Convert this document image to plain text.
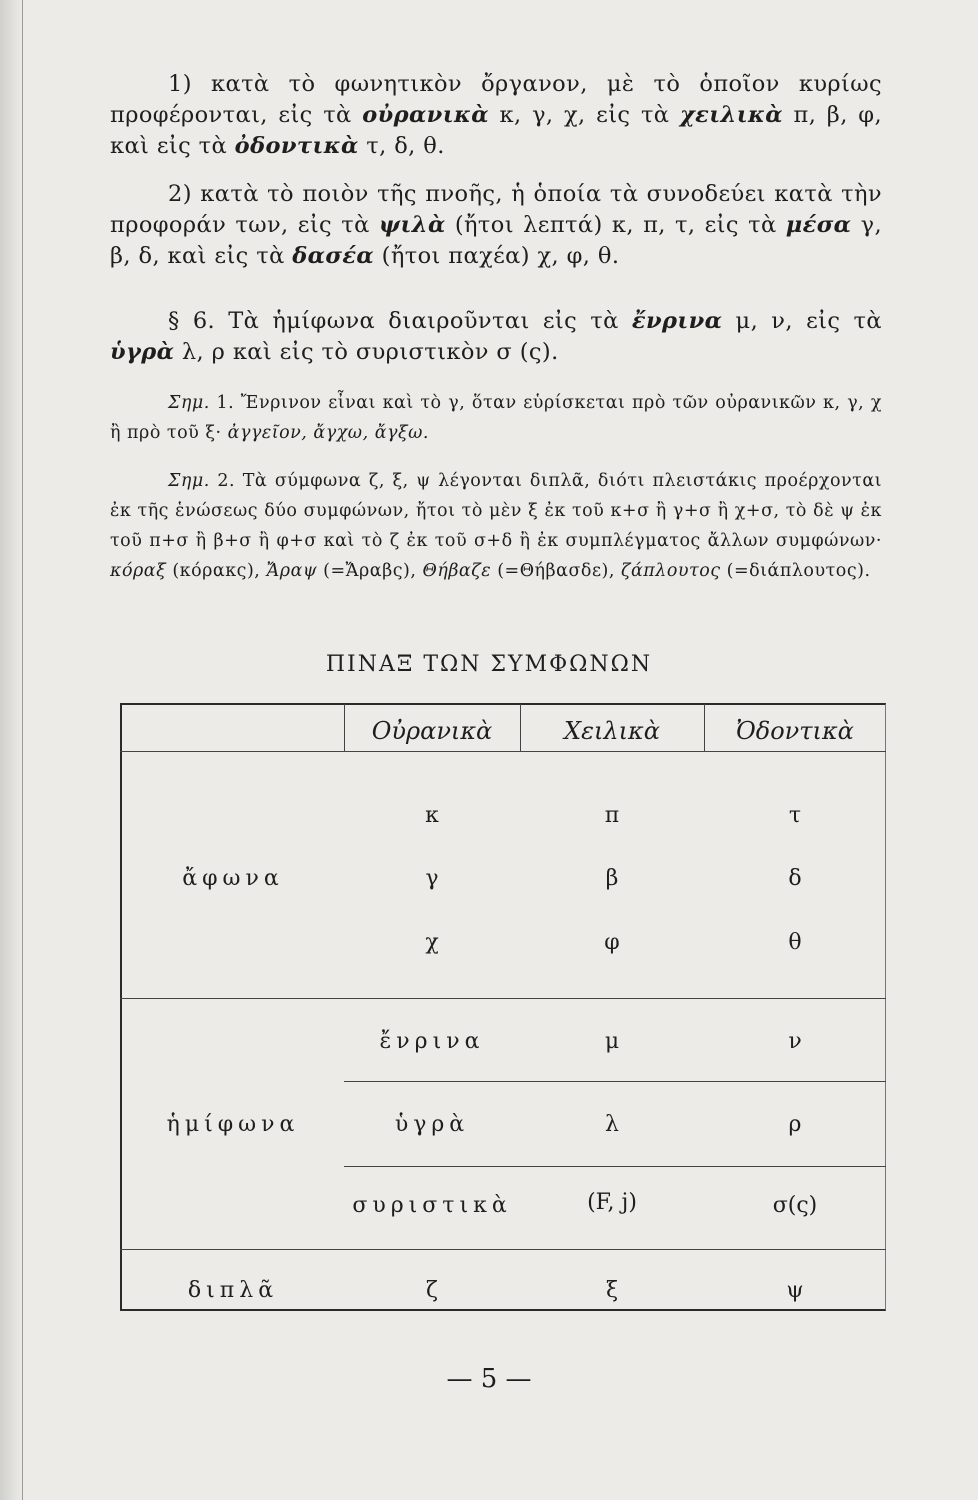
1) κατὰ τὸ φωνητικὸν ὄργανον, μὲ τὸ ὁποῖον κυρίως προφέρονται, εἰς τὰ οὐρανικὰ κ, γ, χ, εἰς τὰ χειλικὰ π, β, φ, καὶ εἰς τὰ ὀδοντικὰ τ, δ, θ.
2) κατὰ τὸ ποιὸν τῆς πνοῆς, ἡ ὁποία τὰ συνοδεύει κατὰ τὴν προφοράν των, εἰς τὰ ψιλὰ (ἤτοι λεπτά) κ, π, τ, εἰς τὰ μέσα γ, β, δ, καὶ εἰς τὰ δασέα (ἤτοι παχέα) χ, φ, θ.
§ 6. Τὰ ἡμίφωνα διαιροῦνται εἰς τὰ ἔνρινα μ, ν, εἰς τὰ ὑγρὰ λ, ρ καὶ εἰς τὸ συριστικὸν σ (ς).
Σημ. 1. Ἔνρινον εἶναι καὶ τὸ γ, ὅταν εὑρίσκεται πρὸ τῶν οὐρανικῶν κ, γ, χ ἢ πρὸ τοῦ ξ· ἀγγεῖον, ἄγχω, ἄγξω.
Σημ. 2. Τὰ σύμφωνα ζ, ξ, ψ λέγονται διπλᾶ, διότι πλειστάκις προέρχονται ἐκ τῆς ἑνώσεως δύο συμφώνων, ἤτοι τὸ μὲν ξ ἐκ τοῦ κ+σ ἢ γ+σ ἢ χ+σ, τὸ δὲ ψ ἐκ τοῦ π+σ ἢ β+σ ἢ φ+σ καὶ τὸ ζ ἐκ τοῦ σ+δ ἢ ἐκ συμπλέγματος ἄλλων συμφώνων· κόραξ (κόρακς), Ἄραψ (=Ἄραβς), Θήβαζε (=Θήβασδε), ζάπλουτος (=διάπλουτος).
ΠΙΝΑΞ ΤΩΝ ΣΥΜΦΩΝΩΝ
Οὐρανικὰ	Χειλικὰ	Ὀδοντικὰ
ἄφωνα
κ	π	τ
γ	β	δ
χ	φ	θ
ἡμίφωνα
ἔνρινα	μ	ν
ὑγρὰ	λ	ρ
συριστικὰ	(F, j)	σ(ς)
διπλᾶ	ζ	ξ	ψ
— 5 —
